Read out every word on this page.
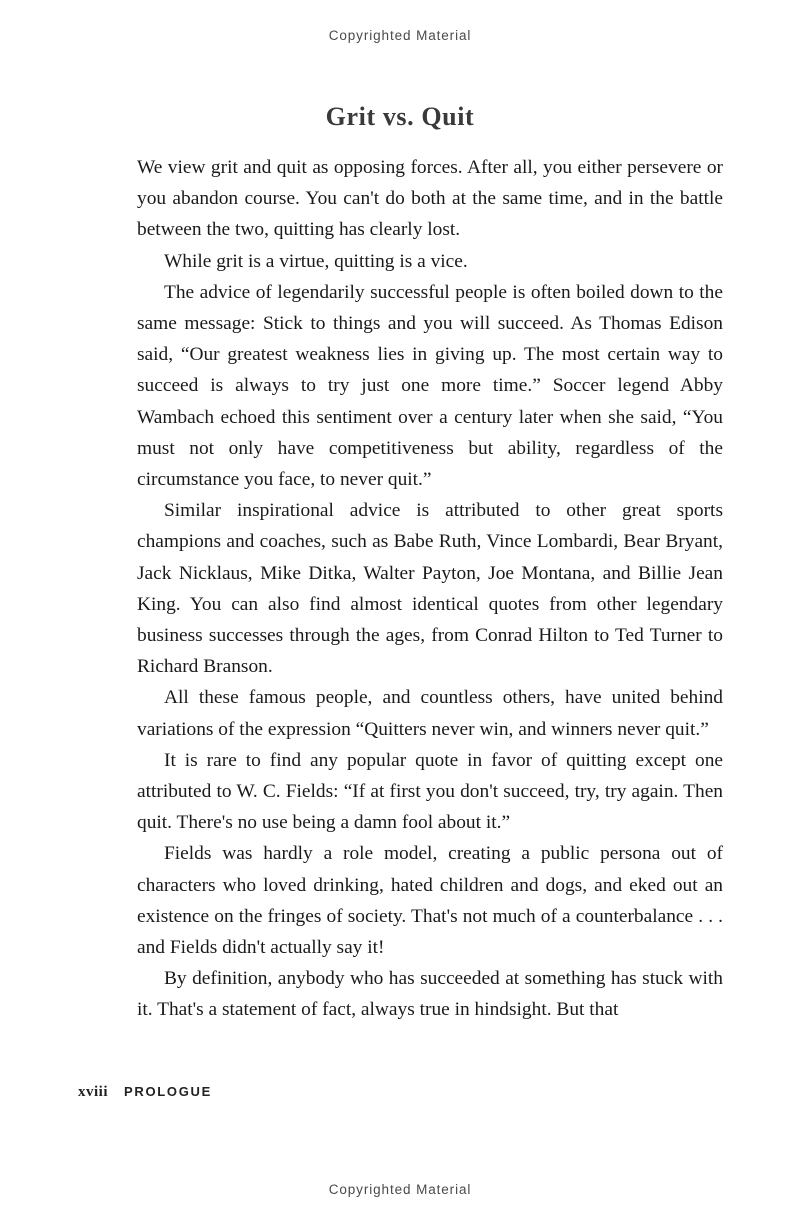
Copyrighted Material
Grit vs. Quit

We view grit and quit as opposing forces. After all, you either persevere or you abandon course. You can't do both at the same time, and in the battle between the two, quitting has clearly lost.

While grit is a virtue, quitting is a vice.

The advice of legendarily successful people is often boiled down to the same message: Stick to things and you will succeed. As Thomas Edison said, “Our greatest weakness lies in giving up. The most certain way to succeed is always to try just one more time.” Soccer legend Abby Wambach echoed this sentiment over a century later when she said, “You must not only have competitiveness but ability, regardless of the circumstance you face, to never quit.”

Similar inspirational advice is attributed to other great sports champions and coaches, such as Babe Ruth, Vince Lombardi, Bear Bryant, Jack Nicklaus, Mike Ditka, Walter Payton, Joe Montana, and Billie Jean King. You can also find almost identical quotes from other legendary business successes through the ages, from Conrad Hilton to Ted Turner to Richard Branson.

All these famous people, and countless others, have united behind variations of the expression “Quitters never win, and winners never quit.”

It is rare to find any popular quote in favor of quitting except one attributed to W. C. Fields: “If at first you don't succeed, try, try again. Then quit. There's no use being a damn fool about it.”

Fields was hardly a role model, creating a public persona out of characters who loved drinking, hated children and dogs, and eked out an existence on the fringes of society. That's not much of a counterbalance . . . and Fields didn't actually say it!

By definition, anybody who has succeeded at something has stuck with it. That's a statement of fact, always true in hindsight. But that

xviii PROLOGUE
Copyrighted Material
